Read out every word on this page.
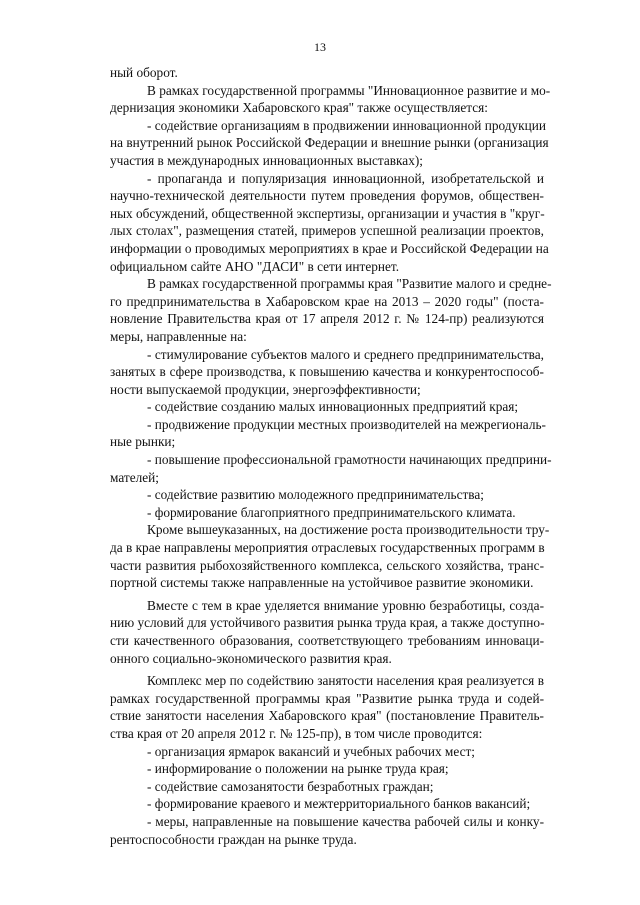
13
ный оборот.
В рамках государственной программы "Инновационное развитие и мо-
дернизация экономики Хабаровского края" также осуществляется:
- содействие организациям в продвижении инновационной продукции
на внутренний рынок Российской Федерации и внешние рынки (организация
участия в международных инновационных выставках);
- пропаганда и популяризация инновационной, изобретательской и
научно-технической деятельности путем проведения форумов, обществен-
ных обсуждений, общественной экспертизы, организации и участия в "круг-
лых столах", размещения статей, примеров успешной реализации проектов,
информации о проводимых мероприятиях в крае и Российской Федерации на
официальном сайте АНО "ДАСИ" в сети интернет.
В рамках государственной программы края "Развитие малого и средне-
го предпринимательства в Хабаровском крае на 2013 – 2020 годы" (поста-
новление Правительства края от 17 апреля 2012 г. № 124-пр) реализуются
меры, направленные на:
- стимулирование субъектов малого и среднего предпринимательства,
занятых в сфере производства, к повышению качества и конкурентоспособ-
ности выпускаемой продукции, энергоэффективности;
- содействие созданию малых инновационных предприятий края;
- продвижение продукции местных производителей на межрегиональ-
ные рынки;
- повышение профессиональной грамотности начинающих предприни-
мателей;
- содействие развитию молодежного предпринимательства;
- формирование благоприятного предпринимательского климата.
Кроме вышеуказанных, на достижение роста производительности тру-
да в крае направлены мероприятия отраслевых государственных программ в
части развития рыбохозяйственного комплекса, сельского хозяйства, транс-
портной системы также направленные на устойчивое развитие экономики.
Вместе с тем в крае уделяется внимание уровню безработицы, созда-
нию условий для устойчивого развития рынка труда края, а также доступно-
сти качественного образования, соответствующего требованиям инноваци-
онного социально-экономического развития края.
Комплекс мер по содействию занятости населения края реализуется в
рамках государственной программы края "Развитие рынка труда и содей-
ствие занятости населения Хабаровского края" (постановление Правитель-
ства края от 20 апреля 2012 г. № 125-пр), в том числе проводится:
- организация ярмарок вакансий и учебных рабочих мест;
- информирование о положении на рынке труда края;
- содействие самозанятости безработных граждан;
- формирование краевого и межтерриториального банков вакансий;
- меры, направленные на повышение качества рабочей силы и конку-
рентоспособности граждан на рынке труда.
